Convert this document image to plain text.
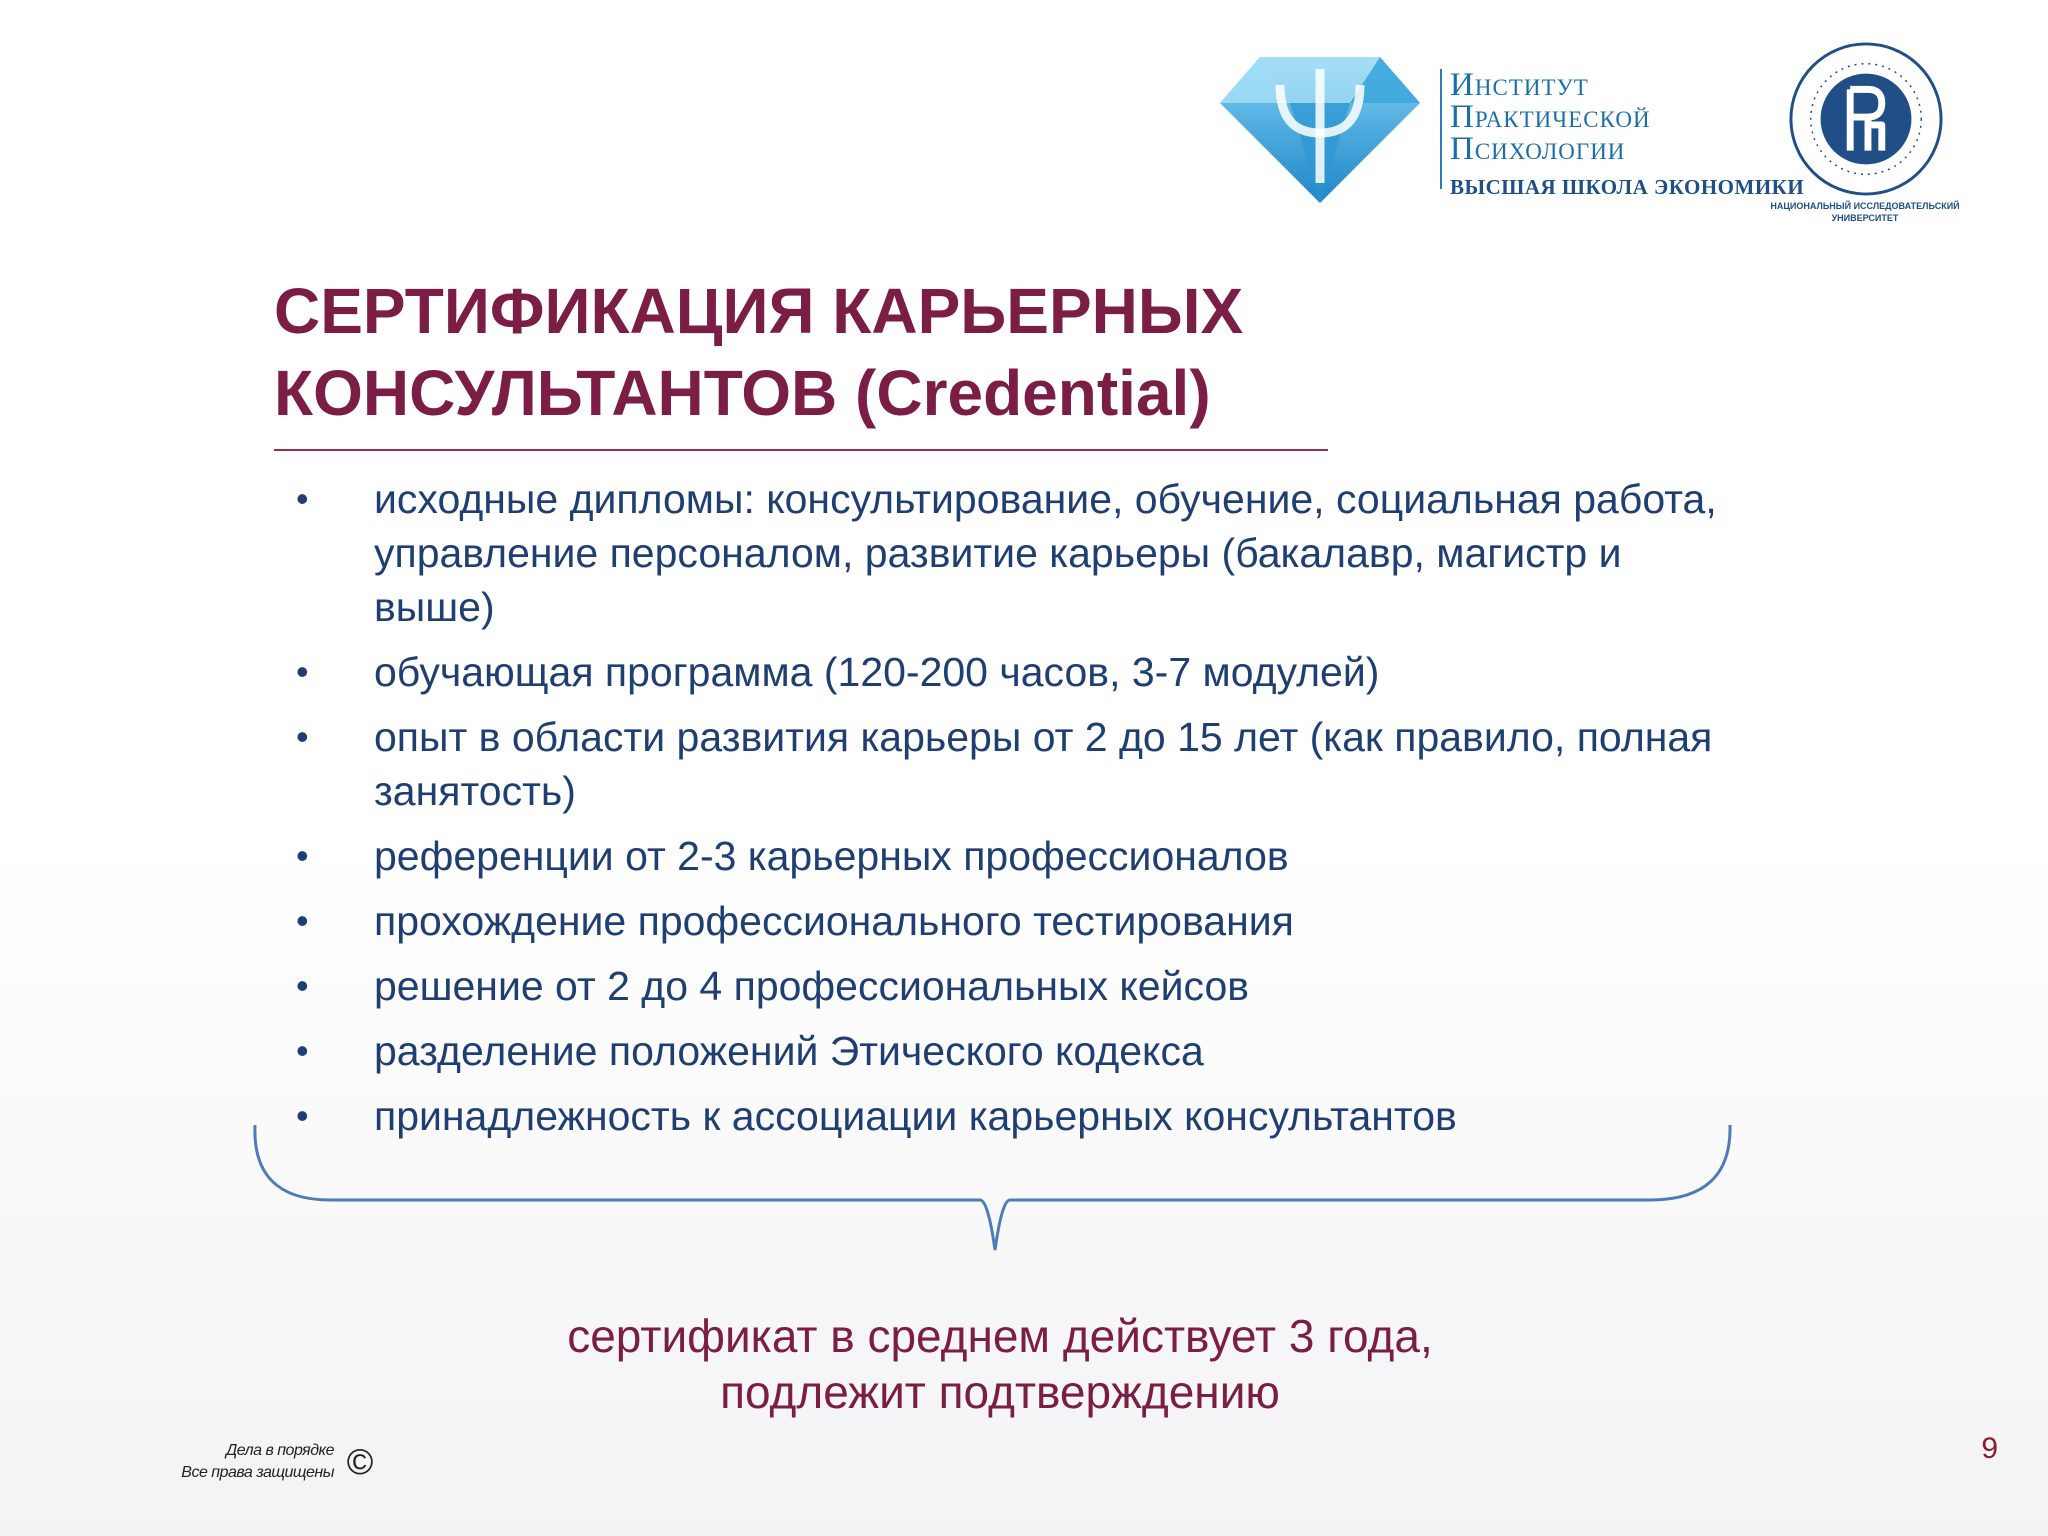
Институт
Практической
Психологии
ВЫСШАЯ ШКОЛА ЭКОНОМИКИ
НАЦИОНАЛЬНЫЙ ИССЛЕДОВАТЕЛЬСКИЙ
УНИВЕРСИТЕТ
СЕРТИФИКАЦИЯ КАРЬЕРНЫХ
КОНСУЛЬТАНТОВ (Credential)
•	исходные дипломы: консультирование, обучение, социальная работа, управление персоналом, развитие карьеры (бакалавр, магистр и выше)
•	обучающая программа (120-200 часов, 3-7 модулей)
•	опыт в области развития карьеры от 2 до 15 лет (как правило, полная занятость)
•	референции от 2-3 карьерных профессионалов
•	прохождение профессионального тестирования
•	решение от 2 до 4 профессиональных кейсов
•	разделение положений Этического кодекса
•	принадлежность к ассоциации карьерных консультантов
сертификат в среднем действует 3 года,
подлежит подтверждению
Дела в порядке
Все права защищены ©	9
